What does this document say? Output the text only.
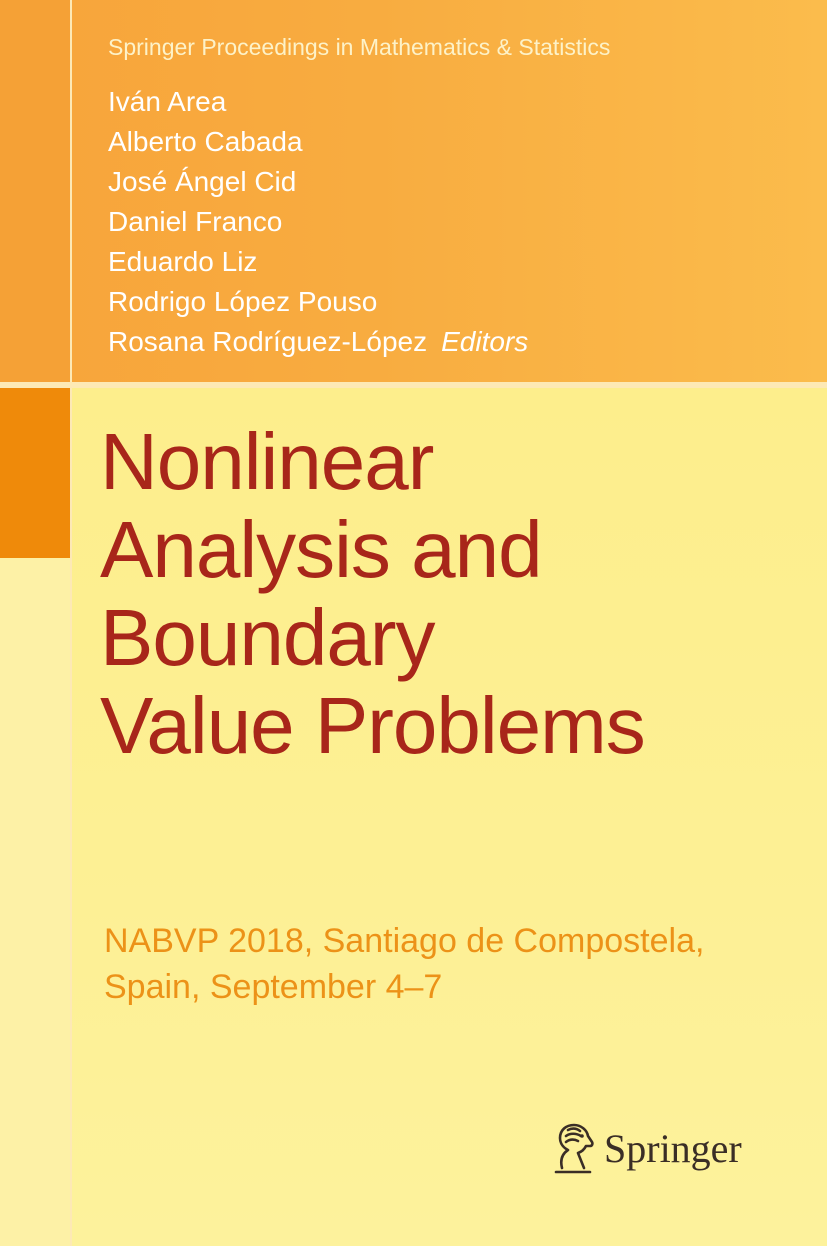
Springer Proceedings in Mathematics & Statistics
Iván Area
Alberto Cabada
José Ángel Cid
Daniel Franco
Eduardo Liz
Rodrigo López Pouso
Rosana Rodríguez-López Editors
Nonlinear
Analysis and
Boundary
Value Problems
NABVP 2018, Santiago de Compostela,
Spain, September 4–7
Springer
